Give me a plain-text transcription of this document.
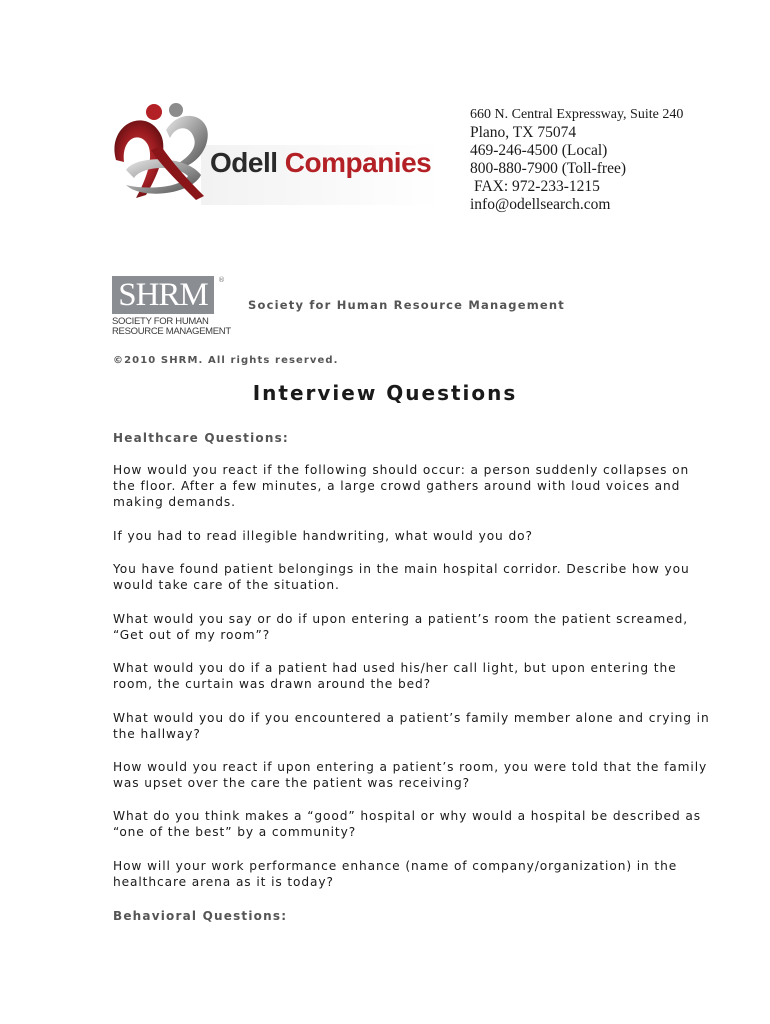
Odell Companies
660 N. Central Expressway, Suite 240
Plano, TX 75074
469-246-4500 (Local)
800-880-7900 (Toll-free)
FAX: 972-233-1215
info@odellsearch.com
SHRM	®
SOCIETY FOR HUMAN
RESOURCE MANAGEMENT
Society for Human Resource Management
©2010 SHRM. All rights reserved.
Interview Questions
Healthcare Questions:
How would you react if the following should occur: a person suddenly collapses on
the floor. After a few minutes, a large crowd gathers around with loud voices and
making demands.
If you had to read illegible handwriting, what would you do?
You have found patient belongings in the main hospital corridor. Describe how you
would take care of the situation.
What would you say or do if upon entering a patient’s room the patient screamed,
“Get out of my room”?
What would you do if a patient had used his/her call light, but upon entering the
room, the curtain was drawn around the bed?
What would you do if you encountered a patient’s family member alone and crying in
the hallway?
How would you react if upon entering a patient’s room, you were told that the family
was upset over the care the patient was receiving?
What do you think makes a “good” hospital or why would a hospital be described as
“one of the best” by a community?
How will your work performance enhance (name of company/organization) in the
healthcare arena as it is today?
Behavioral Questions:
